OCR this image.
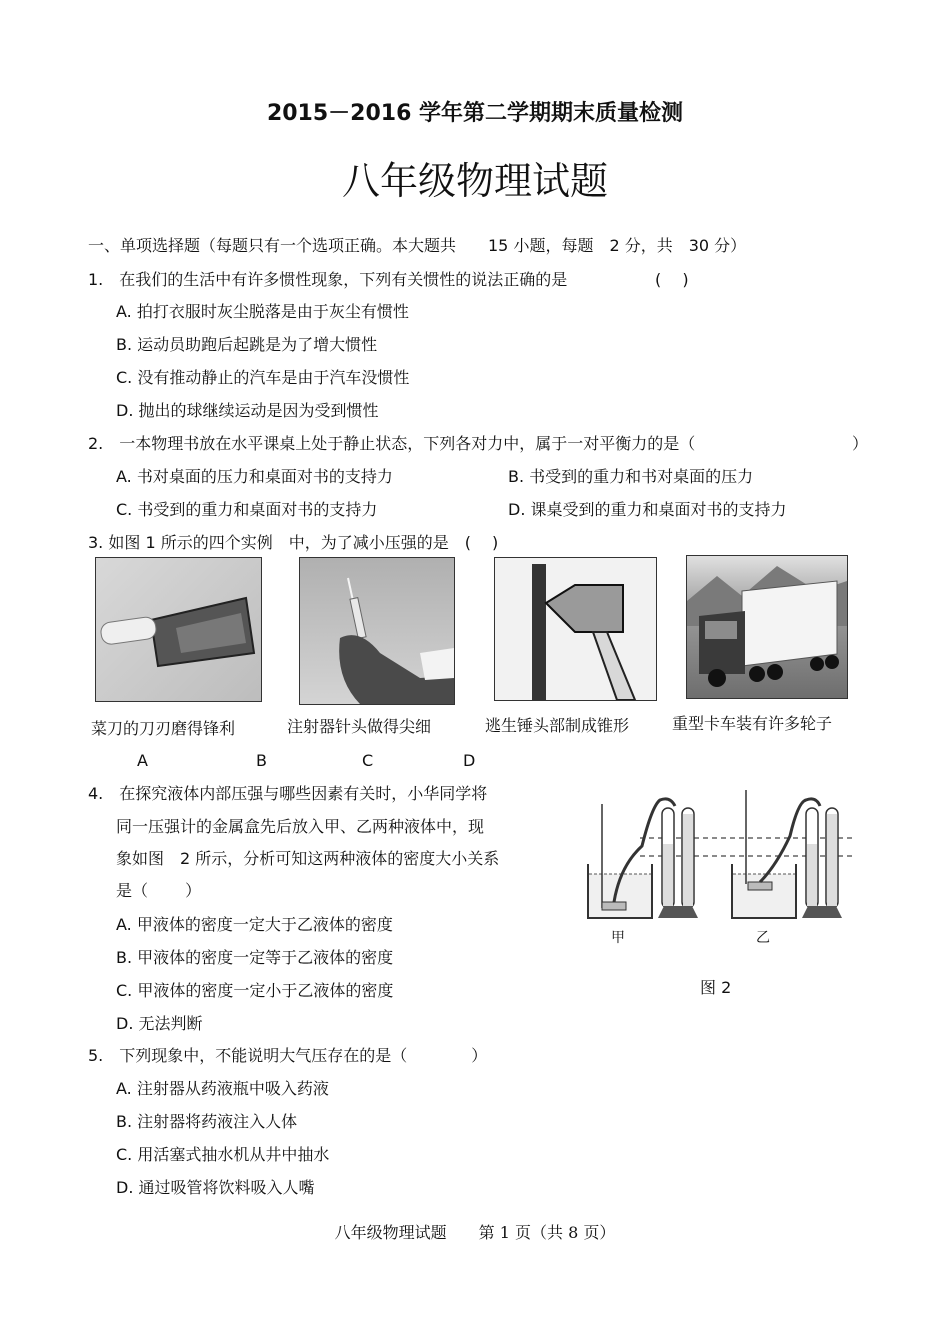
2015－2016 学年第二学期期末质量检测
八年级物理试题
一、单项选择题（每题只有一个选项正确。本大题共　　15 小题，每题　2 分，共　30 分）
1.　在我们的生活中有许多惯性现象，下列有关惯性的说法正确的是	(　 )
A. 拍打衣服时灰尘脱落是由于灰尘有惯性
B. 运动员助跑后起跳是为了增大惯性
C. 没有推动静止的汽车是由于汽车没惯性
D. 抛出的球继续运动是因为受到惯性
2.　一本物理书放在水平课桌上处于静止状态，下列各对力中，属于一对平衡力的是（	）
A. 书对桌面的压力和桌面对书的支持力	B. 书受到的重力和书对桌面的压力
C. 书受到的重力和桌面对书的支持力	D. 课桌受到的重力和桌面对书的支持力
3. 如图 1 所示的四个实例　中，为了减小压强的是　(　 )
菜刀的刀刃磨得锋利	注射器针头做得尖细	逃生锤头部制成锥形	重型卡车装有许多轮子
A	B	C	D
4.　在探究液体内部压强与哪些因素有关时，小华同学将
同一压强计的金属盒先后放入甲、乙两种液体中，现
象如图　2 所示，分析可知这两种液体的密度大小关系
是（　　 ）
A. 甲液体的密度一定大于乙液体的密度
B. 甲液体的密度一定等于乙液体的密度
C. 甲液体的密度一定小于乙液体的密度
D. 无法判断
甲	乙
图 2
5.　下列现象中，不能说明大气压存在的是（　　　　）
A. 注射器从药液瓶中吸入药液
B. 注射器将药液注入人体
C. 用活塞式抽水机从井中抽水
D. 通过吸管将饮料吸入人嘴
八年级物理试题　　第 1 页（共 8 页）
